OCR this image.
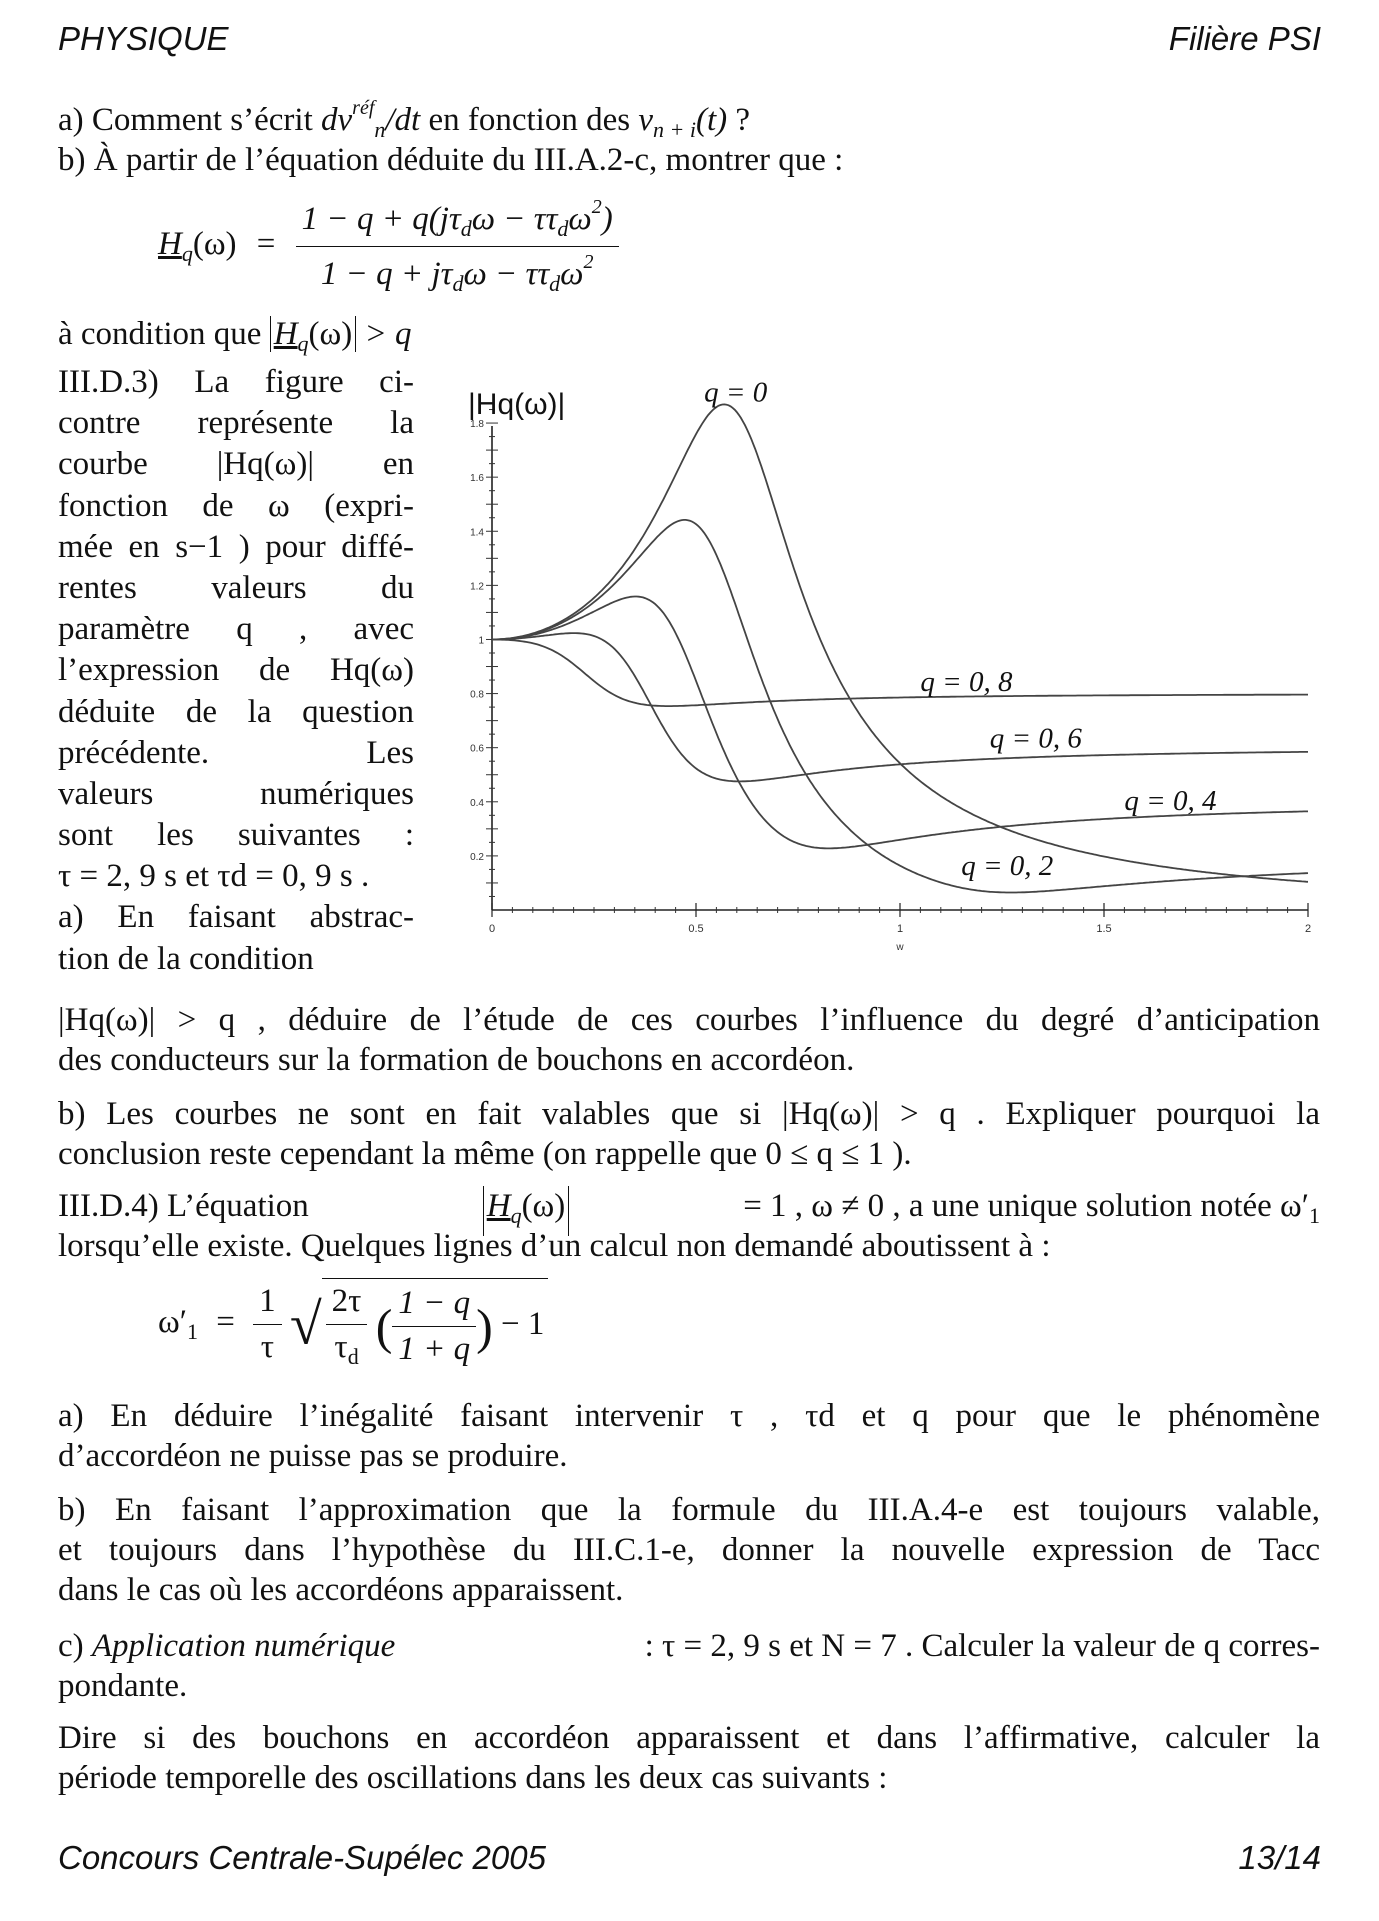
PHYSIQUE	Filière PSI
a) Comment s’écrit $dv^{réf}_n/dt$ en fonction des $v_{n + i}(t)$ ?
b) À partir de l’équation déduite du III.A.2-c, montrer que :
$H_q(\omega) = \frac{1 - q + q(j\tau_d\omega - \tau\tau_d\omega^2)}{1 - q + j\tau_d\omega - \tau\tau_d\omega^2}$
à condition que $H_q(\omega) > q$
III.D.3) La figure ci-
contre représente la
courbe |Hq(ω)| en
fonction de ω (expri-
mée en s−1 ) pour diffé-
rentes valeurs du
paramètre q , avec
l’expression de Hq(ω)
déduite de la question
précédente. Les
valeurs numériques
sont les suivantes :
τ = 2, 9 s et τd = 0, 9 s .
a) En faisant abstrac-
tion de la condition
0.2
0.4
0.6
0.8
1
1.2
1.4
1.6
1.8
0	0.5	1	1.5	2
w
|Hq(ω)|	q = 0
q = 0, 2
q = 0, 4
q = 0, 6
q = 0, 8
|Hq(ω)| > q , déduire de l’étude de ces courbes l’influence du degré d’anticipation
des conducteurs sur la formation de bouchons en accordéon.
b) Les courbes ne sont en fait valables que si |Hq(ω)| > q . Expliquer pourquoi la
conclusion reste cependant la même (on rappelle que 0 ≤ q ≤ 1 ).
III.D.4) L’équation	$H_q(\omega)$	= 1 , ω ≠ 0 , a une unique solution notée $\omega'_1$
lorsqu’elle existe. Quelques lignes d’un calcul non demandé aboutissent à :
$\omega'_1 = \frac{1}{\tau}$ √ $\frac{2\tau}{\tau_d}$ ( $\frac{1 - q}{1 + q}$ ) − 1
a) En déduire l’inégalité faisant intervenir τ , τd et q pour que le phénomène
d’accordéon ne puisse pas se produire.
b) En faisant l’approximation que la formule du III.A.4-e est toujours valable,
et toujours dans l’hypothèse du III.C.1-e, donner la nouvelle expression de Tacc
dans le cas où les accordéons apparaissent.
c) Application numérique	: τ = 2, 9 s et N = 7 . Calculer la valeur de q corres-
pondante.
Dire si des bouchons en accordéon apparaissent et dans l’affirmative, calculer la
période temporelle des oscillations dans les deux cas suivants :
Concours Centrale-Supélec 2005	13/14
